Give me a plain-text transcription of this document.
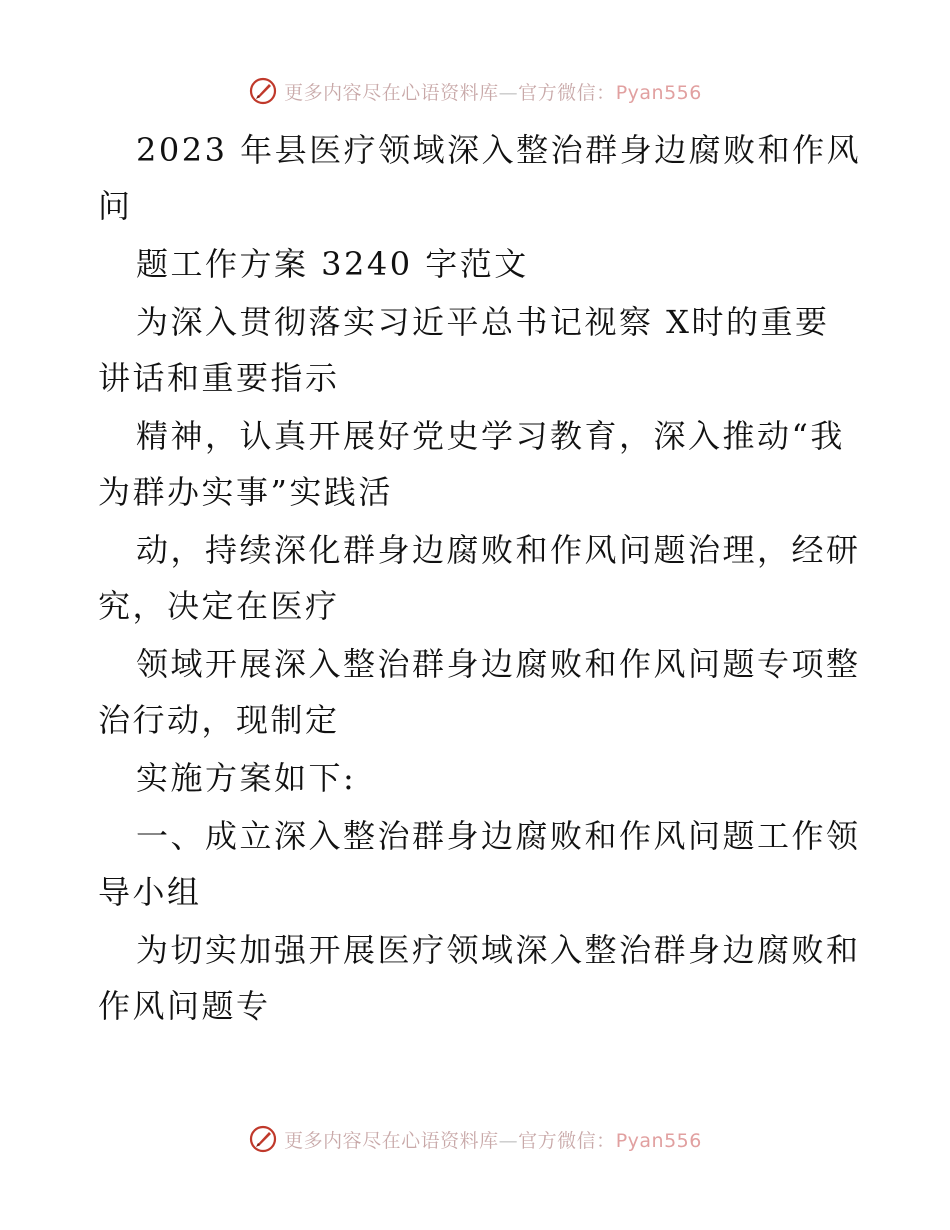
更多内容尽在心语资料库—官方微信：Pyan556
2023 年县医疗领域深入整治群身边腐败和作风
问
题工作方案 3240 字范文
为深入贯彻落实习近平总书记视察 X时的重要
讲话和重要指示
精神，认真开展好党史学习教育，深入推动“我
为群办实事”实践活
动，持续深化群身边腐败和作风问题治理，经研
究，决定在医疗
领域开展深入整治群身边腐败和作风问题专项整
治行动，现制定
实施方案如下:
一、成立深入整治群身边腐败和作风问题工作领
导小组
为切实加强开展医疗领域深入整治群身边腐败和
作风问题专
更多内容尽在心语资料库—官方微信：Pyan556
